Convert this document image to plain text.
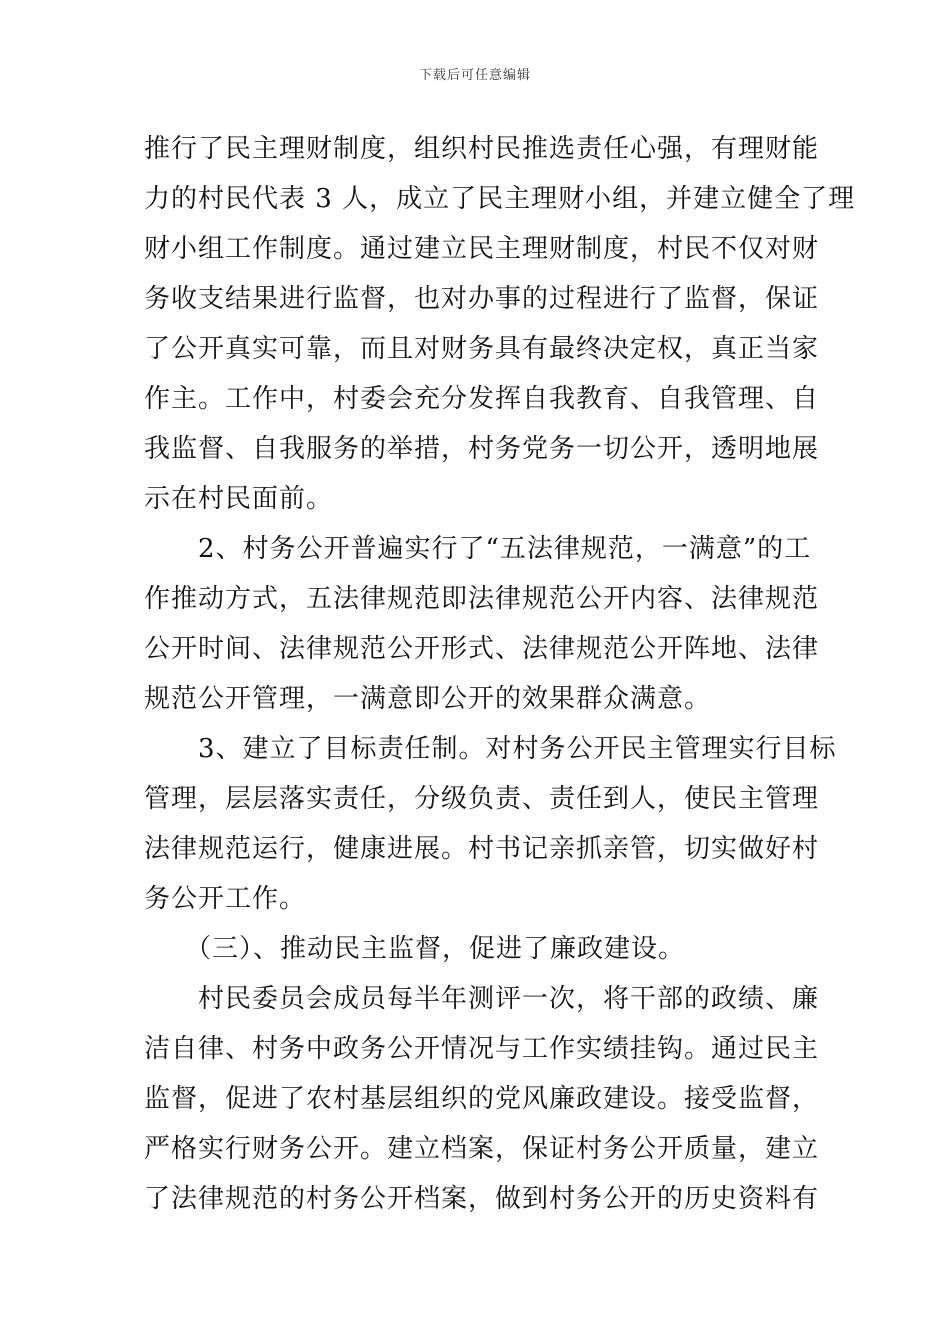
下载后可任意编辑
推行了民主理财制度，组织村民推选责任心强，有理财能
力的村民代表 3 人，成立了民主理财小组，并建立健全了理
财小组工作制度。通过建立民主理财制度，村民不仅对财
务收支结果进行监督，也对办事的过程进行了监督，保证
了公开真实可靠，而且对财务具有最终决定权，真正当家
作主。工作中，村委会充分发挥自我教育、自我管理、自
我监督、自我服务的举措，村务党务一切公开，透明地展
示在村民面前。
　　2、村务公开普遍实行了“五法律规范，一满意”的工
作推动方式，五法律规范即法律规范公开内容、法律规范
公开时间、法律规范公开形式、法律规范公开阵地、法律
规范公开管理，一满意即公开的效果群众满意。
　　3、建立了目标责任制。对村务公开民主管理实行目标
管理，层层落实责任，分级负责、责任到人，使民主管理
法律规范运行，健康进展。村书记亲抓亲管，切实做好村
务公开工作。
　　（三）、推动民主监督，促进了廉政建设。
　　村民委员会成员每半年测评一次，将干部的政绩、廉
洁自律、村务中政务公开情况与工作实绩挂钩。通过民主
监督，促进了农村基层组织的党风廉政建设。接受监督，
严格实行财务公开。建立档案，保证村务公开质量，建立
了法律规范的村务公开档案，做到村务公开的历史资料有
